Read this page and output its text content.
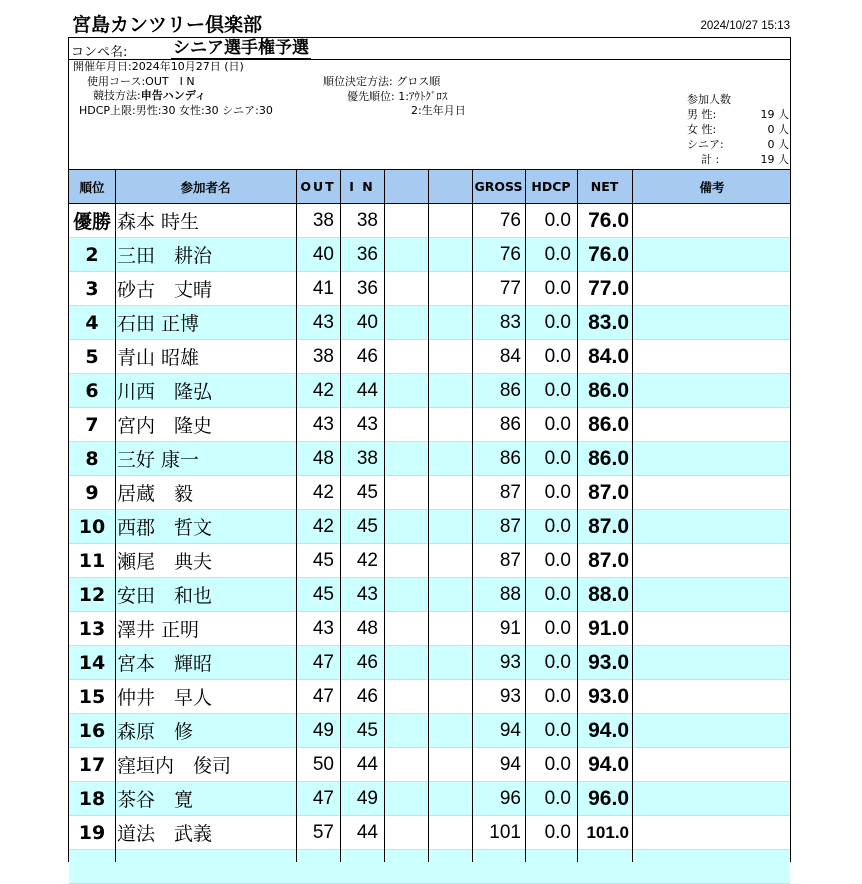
宮島カンツリー倶楽部	2024/10/27 15:13
コンペ名:	シニア選手権予選
開催年月日:2024年10月27日 (日)
使用コース:OUT　I N
競技方法:申告ハンディ
HDCP上限:男性:30 女性:30 シニア:30
順位決定方法: グロス順
優先順位: 1:ｱｳﾄｸﾞﾛｽ
2:生年月日
参加人数
男 性:	19 人
女 性:	0 人
シニア:	0 人
計 :	19 人
順位	参加者名	OUT	I N	GROSS HDCP	NET	備考
優勝 森本 時生	38	38	76	0.0 76.0
2 三田　耕治	40	36	76	0.0 76.0
3 砂古　丈晴	41	36	77	0.0 77.0
4 石田 正博	43	40	83	0.0 83.0
5 青山 昭雄	38	46	84	0.0 84.0
6 川西　隆弘	42	44	86	0.0 86.0
7 宮内　隆史	43	43	86	0.0 86.0
8 三好 康一	48	38	86	0.0 86.0
9 居蔵　毅	42	45	87	0.0 87.0
10 西郡　哲文	42	45	87	0.0 87.0
11 瀬尾　典夫	45	42	87	0.0 87.0
12 安田　和也	45	43	88	0.0 88.0
13 澤井 正明	43	48	91	0.0 91.0
14 宮本　輝昭	47	46	93	0.0 93.0
15 仲井　早人	47	46	93	0.0 93.0
16 森原　修	49	45	94	0.0 94.0
17 窪垣内　俊司	50	44	94	0.0 94.0
18 茶谷　寛	47	49	96	0.0 96.0
19 道法　武義	57	44	101	0.0 101.0
